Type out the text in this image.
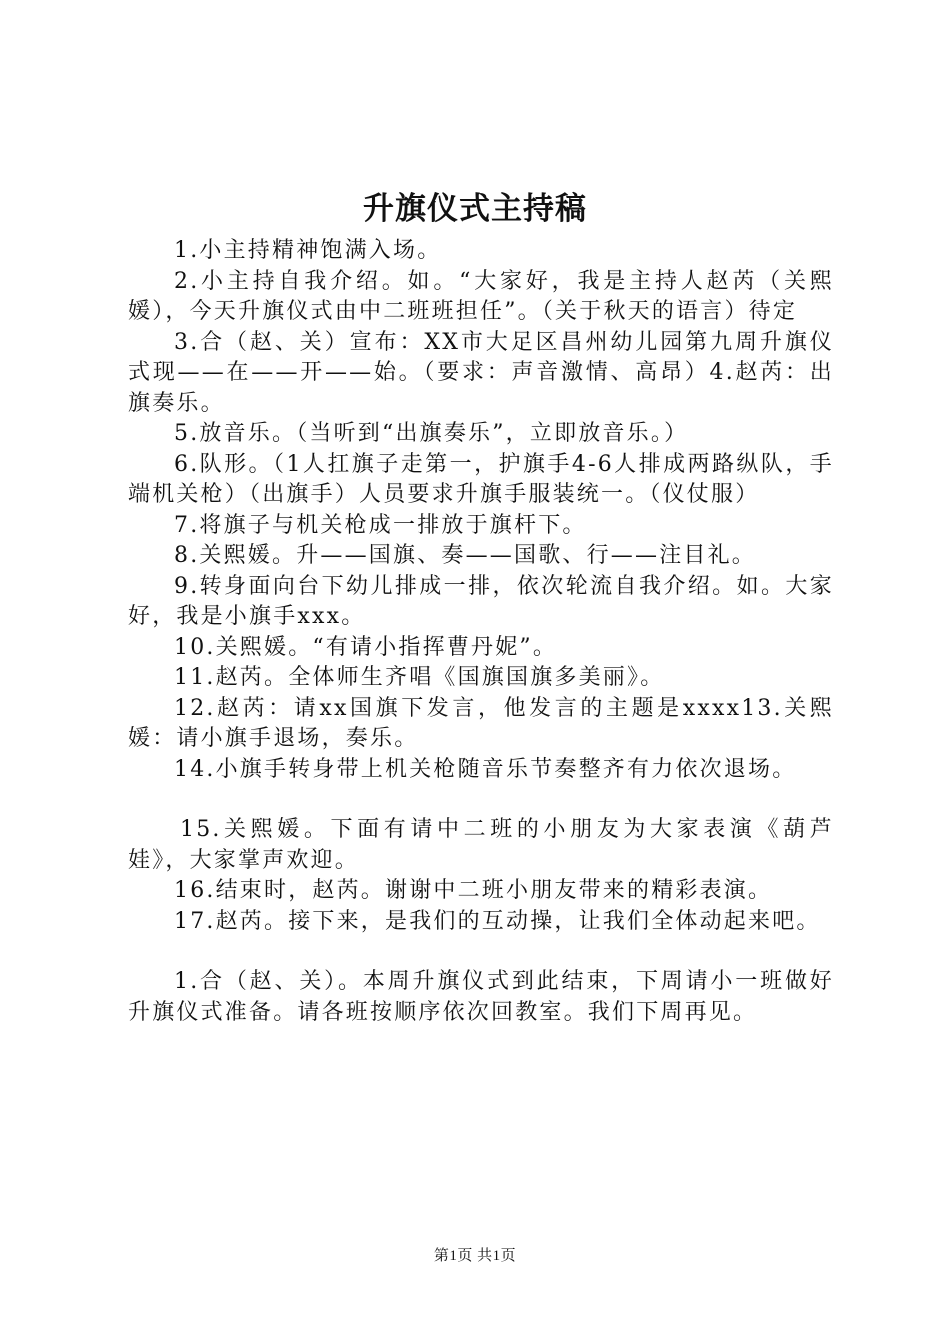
升旗仪式主持稿

1.小主持精神饱满入场。

2.小主持自我介绍。如。“大家好，我是主持人赵芮（关熙媛），今天升旗仪式由中二班班担任”。（关于秋天的语言）待定

3.合（赵、关）宣布：XX市大足区昌州幼儿园第九周升旗仪式现——在——开——始。（要求：声音激情、高昂）4.赵芮：出旗奏乐。

5.放音乐。（当听到“出旗奏乐”，立即放音乐。）

6.队形。（1人扛旗子走第一，护旗手4-6人排成两路纵队，手端机关枪）（出旗手）人员要求升旗手服装统一。（仪仗服）

7.将旗子与机关枪成一排放于旗杆下。

8.关熙媛。升——国旗、奏——国歌、行——注目礼。

9.转身面向台下幼儿排成一排，依次轮流自我介绍。如。大家好，我是小旗手xxx。

10.关熙媛。“有请小指挥曹丹妮”。

11.赵芮。全体师生齐唱《国旗国旗多美丽》。

12.赵芮：请xx国旗下发言，他发言的主题是xxxx13.关熙媛：请小旗手退场，奏乐。

14.小旗手转身带上机关枪随音乐节奏整齐有力依次退场。

15.关熙媛。下面有请中二班的小朋友为大家表演《葫芦娃》，大家掌声欢迎。

16.结束时，赵芮。谢谢中二班小朋友带来的精彩表演。

17.赵芮。接下来，是我们的互动操，让我们全体动起来吧。

1.合（赵、关）。本周升旗仪式到此结束，下周请小一班做好升旗仪式准备。请各班按顺序依次回教室。我们下周再见。

第1页 共1页
